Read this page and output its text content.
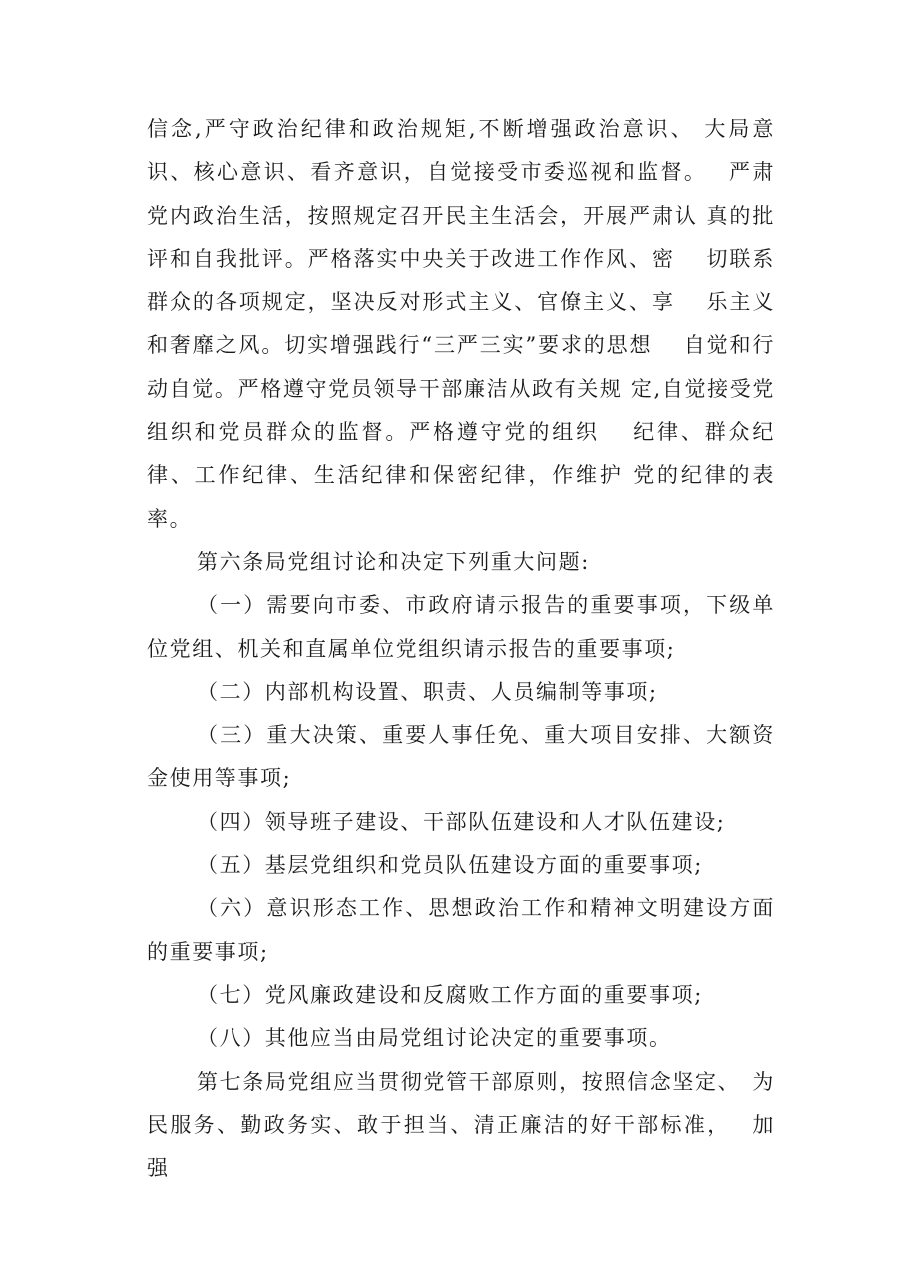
信念,严守政治纪律和政治规矩,不断增强政治意识、 大局意识、核心意识、看齐意识，自觉接受市委巡视和监督。　 严肃党内政治生活，按照规定召开民主生活会，开展严肃认 真的批评和自我批评。严格落实中央关于改进工作作风、密　 切联系群众的各项规定，坚决反对形式主义、官僚主义、享　 乐主义和奢靡之风。切实增强践行“三严三实”要求的思想　 自觉和行动自觉。严格遵守党员领导干部廉洁从政有关规 定,自觉接受党组织和党员群众的监督。严格遵守党的组织　 纪律、群众纪律、工作纪律、生活纪律和保密纪律，作维护 党的纪律的表率。

第六条局党组讨论和决定下列重大问题:

（一）需要向市委、市政府请示报告的重要事项，下级单位党组、机关和直属单位党组织请示报告的重要事项;

（二）内部机构设置、职责、人员编制等事项;

（三）重大决策、重要人事任免、重大项目安排、大额资金使用等事项;

（四）领导班子建设、干部队伍建设和人才队伍建设;

（五）基层党组织和党员队伍建设方面的重要事项;

（六）意识形态工作、思想政治工作和精神文明建设方面的重要事项;

（七）党风廉政建设和反腐败工作方面的重要事项;

（八）其他应当由局党组讨论决定的重要事项。

第七条局党组应当贯彻党管干部原则，按照信念坚定、　为民服务、勤政务实、敢于担当、清正廉洁的好干部标准，　 加强
